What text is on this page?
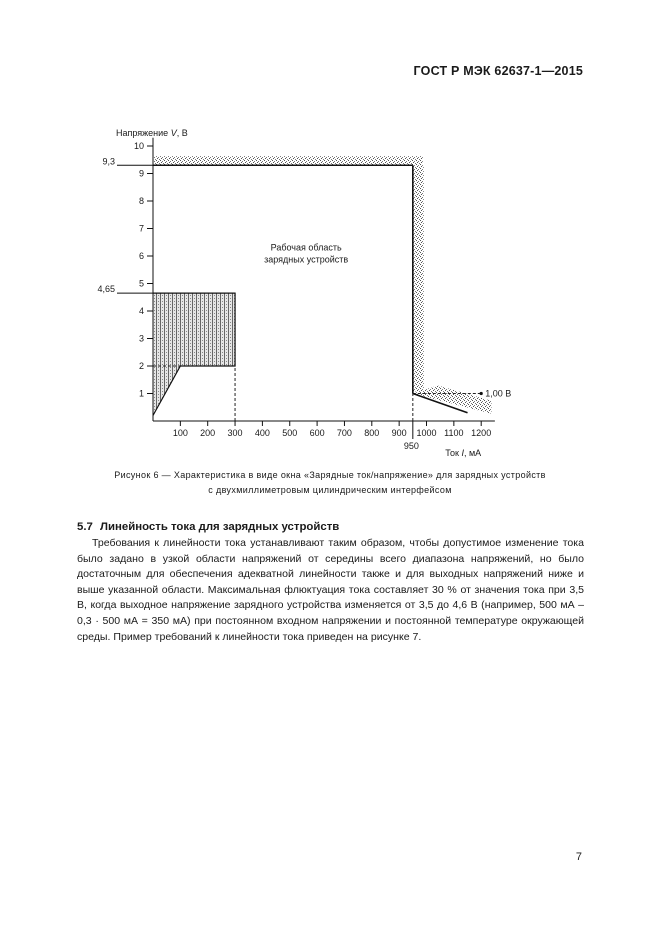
ГОСТ Р МЭК 62637-1—2015
1
2
3
4
5
6
7
8
9
10
9,3
4,65
100 200 300 400 500 600 700 800 900 1000 1100 1200
950
Напряжение V, В
Ток I, мА
Рабочая область
зарядных устройств
1,00 В
Рисунок 6 — Характеристика в виде окна «Зарядные ток/напряжение» для зарядных устройств
с двухмиллиметровым цилиндрическим интерфейсом
5.7 Линейность тока для зарядных устройств

Требования к линейности тока устанавливают таким образом, чтобы допустимое изменение тока было задано в узкой области напряжений от середины всего диапазона напряжений, но было достаточным для обеспечения адекватной линейности также и для выходных напряжений ниже и выше указанной области. Максимальная флюктуация тока составляет 30 % от значения тока при 3,5 В, когда выходное напряжение зарядного устройства изменяется от 3,5 до 4,6 В (например, 500 мА – 0,3 · 500 мА = 350 мА) при постоянном входном напряжении и постоянной температуре окружающей среды. Пример требований к линейности тока приведен на рисунке 7.

7
